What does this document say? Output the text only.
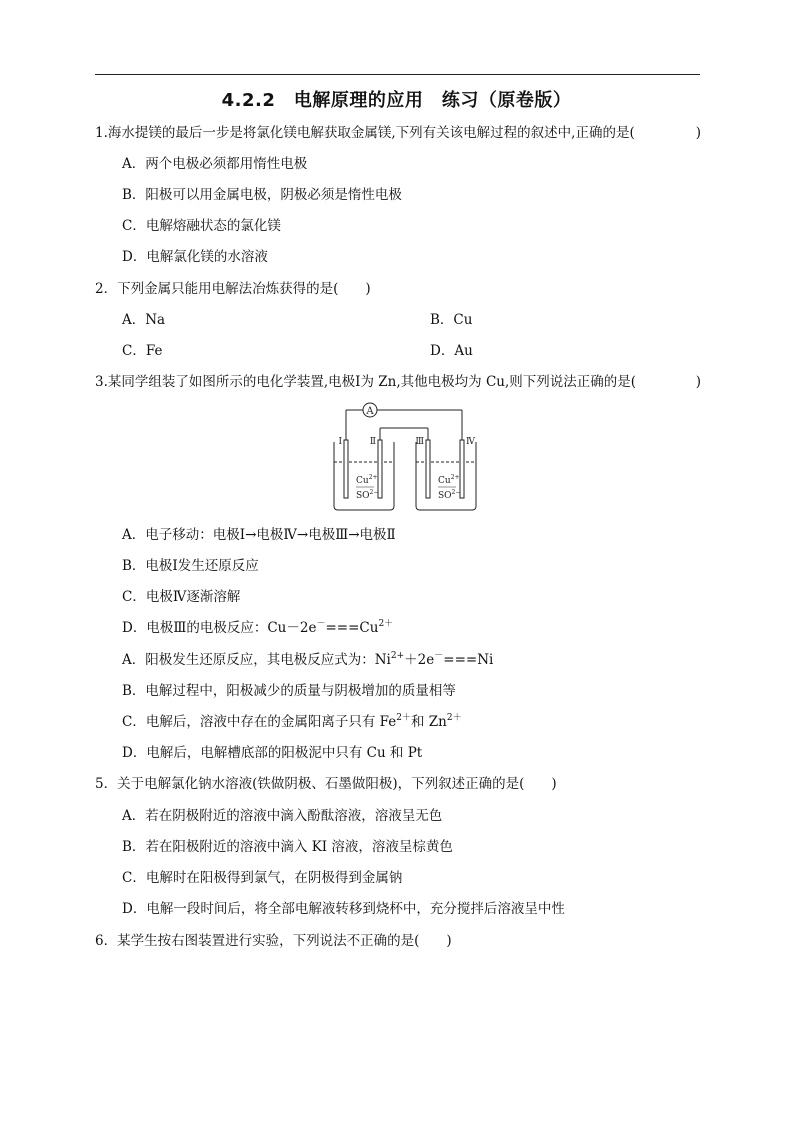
4.2.2　电解原理的应用　练习（原卷版）
1.海水提镁的最后一步是将氯化镁电解获取金属镁,下列有关该电解过程的叙述中,正确的是(	)
A．两个电极必须都用惰性电极
B．阳极可以用金属电极，阴极必须是惰性电极
C．电解熔融状态的氯化镁
D．电解氯化镁的水溶液
2．下列金属只能用电解法冶炼获得的是(　　)
A．Na	B．Cu
C．Fe	D．Au
3.某同学组装了如图所示的电化学装置,电极Ⅰ为 Zn,其他电极均为 Cu,则下列说法正确的是(	)
A
Ⅰ	Ⅱ	Ⅲ	Ⅳ
$Cu^{2+}$
$SO^{2-}$
$Cu^{2+}$
$SO^{2-}$
A．电子移动：电极Ⅰ→电极Ⅳ→电极Ⅲ→电极Ⅱ
B．电极Ⅰ发生还原反应
C．电极Ⅳ逐渐溶解
D．电极Ⅲ的电极反应：$Cu-2e^-===Cu^{2+}$
A．阳极发生还原反应，其电极反应式为：$Ni^{2+}+2e^-===Ni$
B．电解过程中，阳极减少的质量与阴极增加的质量相等
C．电解后，溶液中存在的金属阳离子只有 $Fe^{2+}$和 $Zn^{2+}$
D．电解后，电解槽底部的阳极泥中只有 Cu 和 Pt
5．关于电解氯化钠水溶液(铁做阴极、石墨做阳极)，下列叙述正确的是(　　)
A．若在阴极附近的溶液中滴入酚酞溶液，溶液呈无色
B．若在阳极附近的溶液中滴入 KI 溶液，溶液呈棕黄色
C．电解时在阳极得到氯气，在阴极得到金属钠
D．电解一段时间后，将全部电解液转移到烧杯中，充分搅拌后溶液呈中性
6．某学生按右图装置进行实验，下列说法不正确的是(　　)
